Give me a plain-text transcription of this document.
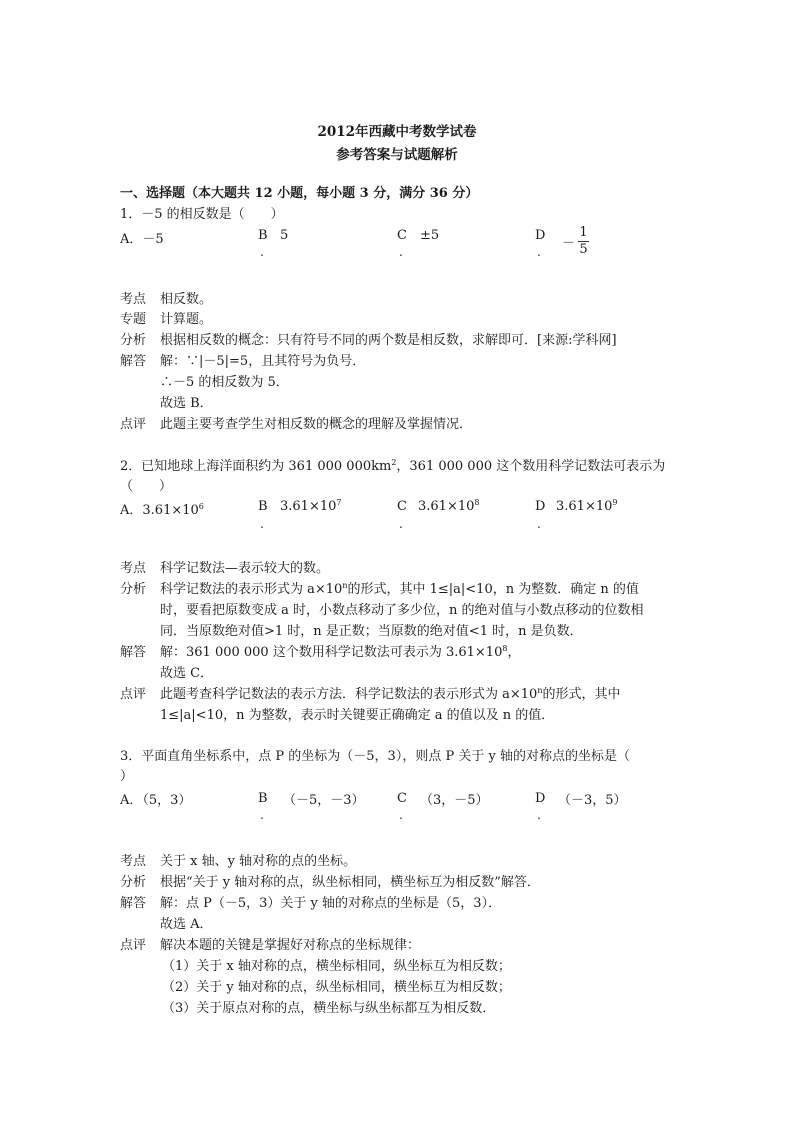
2012年西藏中考数学试卷
参考答案与试题解析
一、选择题（本大题共 12 小题，每小题 3 分，满分 36 分）
1．－5 的相反数是（　　）
A．－5	B 5
.
C ±5
.
D
－
1
5
.
考点 相反数。
专题 计算题。
分析 根据相反数的概念：只有符号不同的两个数是相反数，求解即可．[来源:学科网]
解答 解：∵|－5|=5，且其符号为负号．
∴－5 的相反数为 5．
故选 B．
点评 此题主要考查学生对相反数的概念的理解及掌握情况．
2．已知地球上海洋面积约为 361 000 $000km^2$，361 000 000 这个数用科学记数法可表示为
（　　）
A．$3.61\times 10^6$	B $3.61\times 10^7$
.
C $3.61\times 10^8$
.
D $3.61\times 10^9$
.
考点 科学记数法—表示较大的数。
分析 科学记数法的表示形式为 $a\times 10^n$的形式，其中 1≤|a|<10，n 为整数．确定 n 的值
时，要看把原数变成 a 时，小数点移动了多少位，n 的绝对值与小数点移动的位数相
同．当原数绝对值>1 时，n 是正数；当原数的绝对值<1 时，n 是负数．
解答 解：361 000 000 这个数用科学记数法可表示为 $3.61\times 10^8$，
故选 C．
点评 此题考查科学记数法的表示方法．科学记数法的表示形式为 $a\times 10^n$的形式，其中
1≤|a|<10，n 为整数，表示时关键要正确确定 a 的值以及 n 的值．
3．平面直角坐标系中，点 P 的坐标为（－5，3），则点 P 关于 y 轴的对称点的坐标是（
）
A．（5，3）	B （－5，－3）
.
C （3，－5）
.
D （－3，5）
.
考点 关于 x 轴、y 轴对称的点的坐标。
分析 根据“关于 y 轴对称的点，纵坐标相同，横坐标互为相反数”解答．
解答 解：点 P（－5，3）关于 y 轴的对称点的坐标是（5，3）．
故选 A．
点评 解决本题的关键是掌握好对称点的坐标规律：
（1）关于 x 轴对称的点，横坐标相同，纵坐标互为相反数；
（2）关于 y 轴对称的点，纵坐标相同，横坐标互为相反数；
（3）关于原点对称的点，横坐标与纵坐标都互为相反数．
